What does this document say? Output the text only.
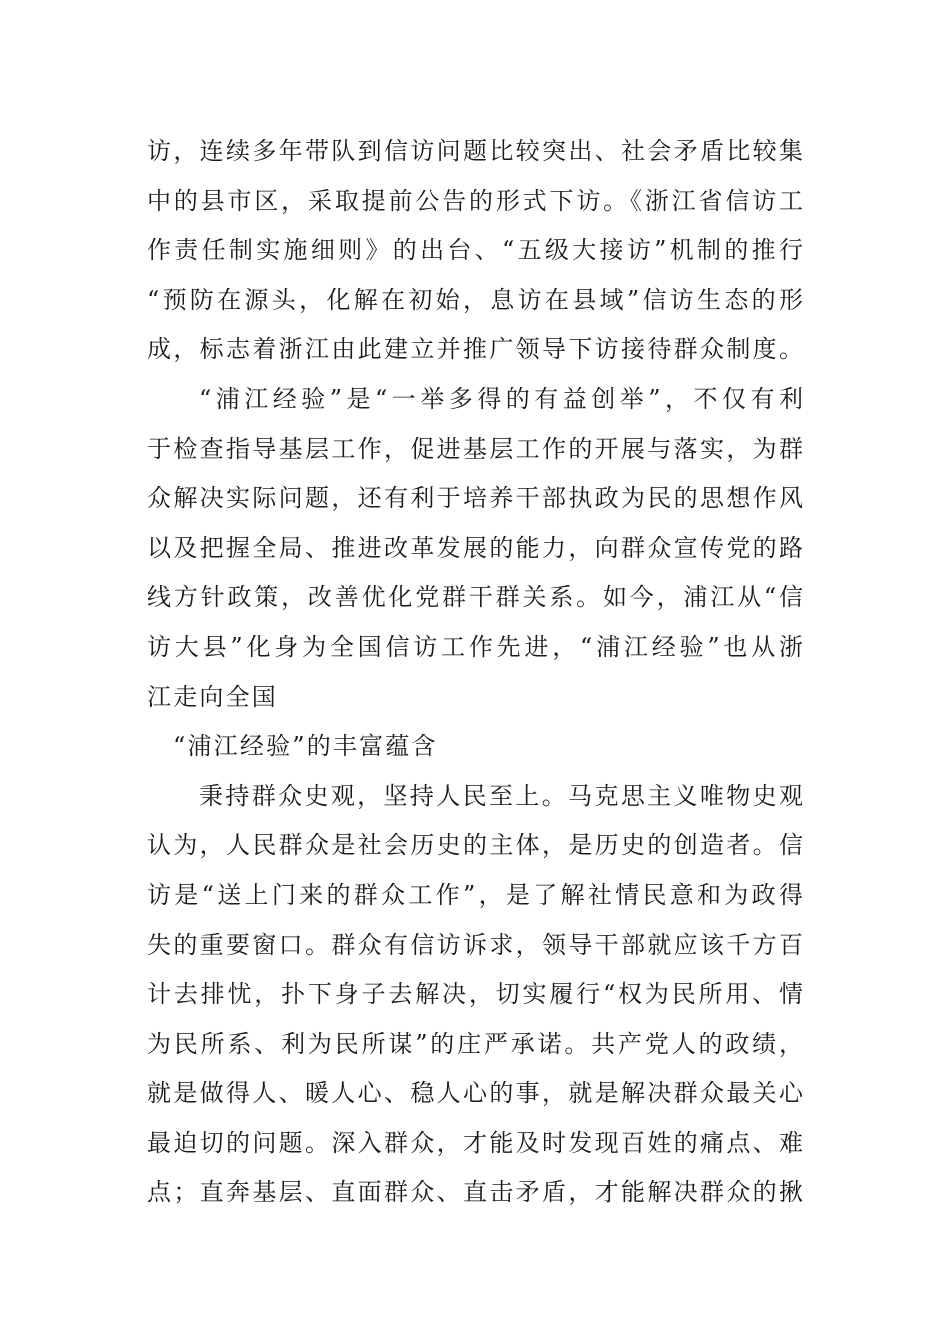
访，连续多年带队到信访问题比较突出、社会矛盾比较集
中的县市区，采取提前公告的形式下访。《浙江省信访工
作责任制实施细则》的出台、“五级大接访”机制的推行
“预防在源头，化解在初始，息访在县域”信访生态的形
成，标志着浙江由此建立并推广领导下访接待群众制度。
“浦江经验”是“一举多得的有益创举”，不仅有利
于检查指导基层工作，促进基层工作的开展与落实，为群
众解决实际问题，还有利于培养干部执政为民的思想作风
以及把握全局、推进改革发展的能力，向群众宣传党的路
线方针政策，改善优化党群干群关系。如今，浦江从“信
访大县”化身为全国信访工作先进，“浦江经验”也从浙
江走向全国
“浦江经验”的丰富蕴含
秉持群众史观，坚持人民至上。马克思主义唯物史观
认为，人民群众是社会历史的主体，是历史的创造者。信
访是“送上门来的群众工作”，是了解社情民意和为政得
失的重要窗口。群众有信访诉求，领导干部就应该千方百
计去排忧，扑下身子去解决，切实履行“权为民所用、情
为民所系、利为民所谋”的庄严承诺。共产党人的政绩，
就是做得人、暖人心、稳人心的事，就是解决群众最关心
最迫切的问题。深入群众，才能及时发现百姓的痛点、难
点；直奔基层、直面群众、直击矛盾，才能解决群众的揪
